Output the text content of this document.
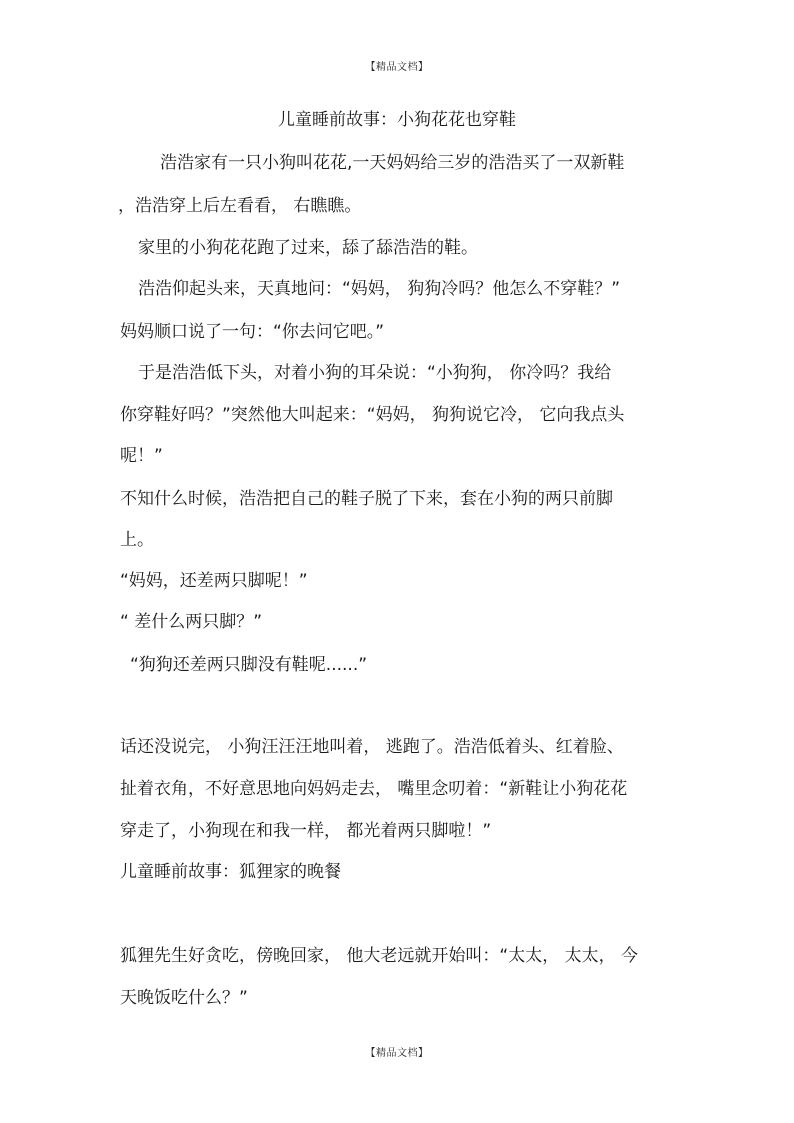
【精品文档】
儿童睡前故事：小狗花花也穿鞋
浩浩家有一只小狗叫花花,一天妈妈给三岁的浩浩买了一双新鞋
，浩浩穿上后左看看， 右瞧瞧。
家里的小狗花花跑了过来，舔了舔浩浩的鞋。
浩浩仰起头来，天真地问：“妈妈， 狗狗冷吗？他怎么不穿鞋？”
妈妈顺口说了一句：“你去问它吧。”
于是浩浩低下头，对着小狗的耳朵说：“小狗狗， 你冷吗？我给
你穿鞋好吗？”突然他大叫起来：“妈妈， 狗狗说它冷， 它向我点头
呢！”
不知什么时候，浩浩把自己的鞋子脱了下来，套在小狗的两只前脚
上。
“妈妈，还差两只脚呢！”
“ 差什么两只脚？”
“狗狗还差两只脚没有鞋呢......”
话还没说完， 小狗汪汪汪地叫着， 逃跑了。浩浩低着头、红着脸、
扯着衣角，不好意思地向妈妈走去， 嘴里念叨着：“新鞋让小狗花花
穿走了，小狗现在和我一样， 都光着两只脚啦！”
儿童睡前故事：狐狸家的晚餐
狐狸先生好贪吃，傍晚回家， 他大老远就开始叫：“太太， 太太， 今
天晚饭吃什么？”
【精品文档】
